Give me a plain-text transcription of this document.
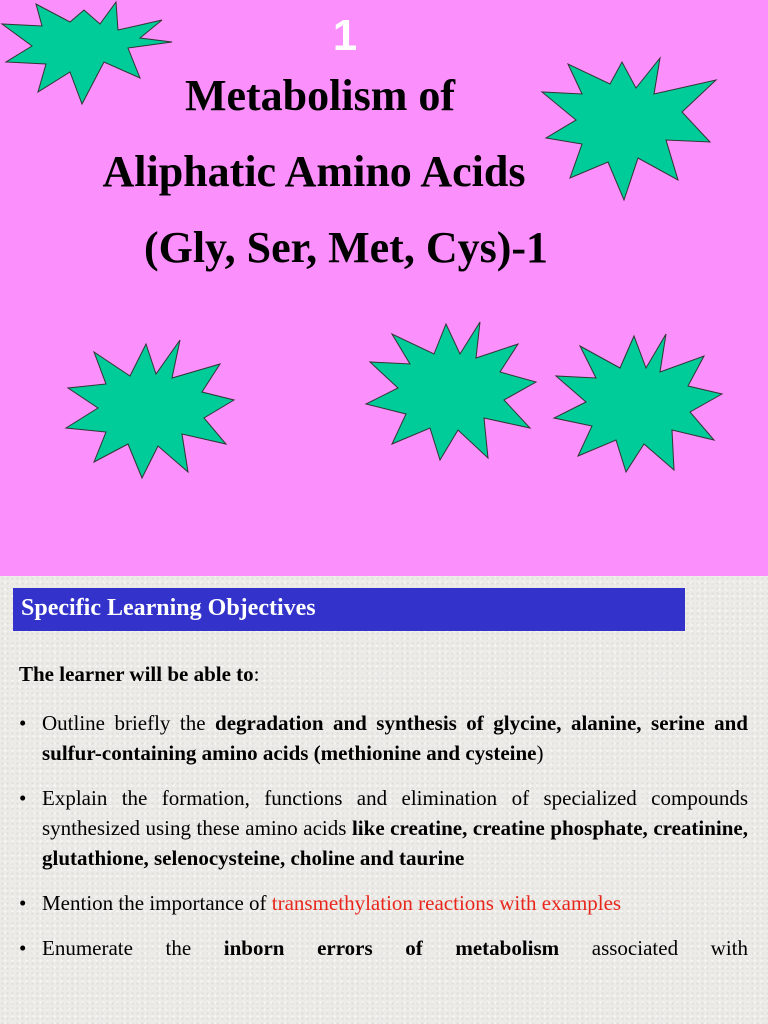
1
Metabolism of
Aliphatic Amino Acids
(Gly, Ser, Met, Cys)-1
Specific Learning Objectives
The learner will be able to:
• Outline briefly the degradation and synthesis of glycine, alanine, serine and sulfur-containing amino acids (methionine and cysteine)
• Explain the formation, functions and elimination of specialized compounds synthesized using these amino acids like creatine, creatine phosphate, creatinine, glutathione, selenocysteine, choline and taurine
• Mention the importance of transmethylation reactions with examples
• Enumerate the inborn errors of metabolism associated with
